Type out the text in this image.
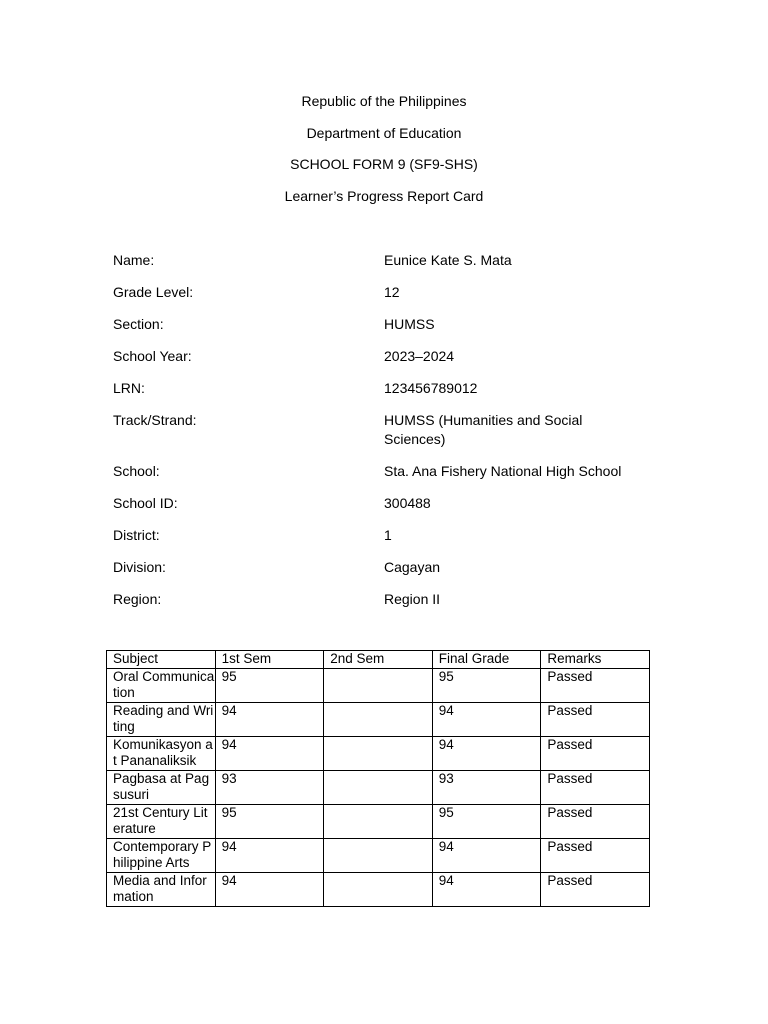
Republic of the Philippines
Department of Education
SCHOOL FORM 9 (SF9-SHS)
Learner’s Progress Report Card
Name:	Eunice Kate S. Mata
Grade Level:	12
Section:	HUMSS
School Year:	2023–2024
LRN:	123456789012
Track/Strand:	HUMSS (Humanities and Social Sciences)
School:	Sta. Ana Fishery National High School
School ID:	300488
District:	1
Division:	Cagayan
Region:	Region II
Subject	1st Sem	2nd Sem	Final Grade	Remarks
Oral Communication	95		95	Passed
Reading and Writing	94		94	Passed
Komunikasyon at Pananaliksik	94		94	Passed
Pagbasa at Pagsusuri	93		93	Passed
21st Century Literature	95		95	Passed
Contemporary Philippine Arts	94		94	Passed
Media and Information	94		94	Passed
